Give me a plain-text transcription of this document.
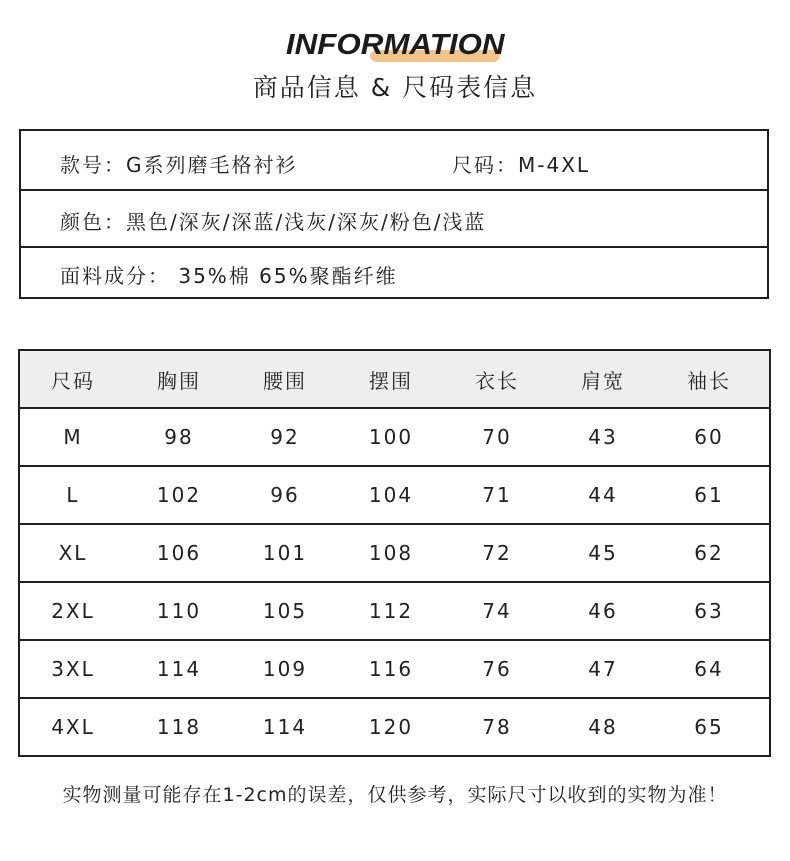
INFORMATION
商品信息 & 尺码表信息
款号：G系列磨毛格衬衫	尺码：M-4XL
颜色：黑色/深灰/深蓝/浅灰/深灰/粉色/浅蓝
面料成分： 35%棉 65%聚酯纤维
尺码	胸围	腰围	摆围	衣长	肩宽	袖长
M	98	92	100	70	43	60
L	102	96	104	71	44	61
XL	106	101	108	72	45	62
2XL	110	105	112	74	46	63
3XL	114	109	116	76	47	64
4XL	118	114	120	78	48	65
实物测量可能存在1-2cm的误差，仅供参考，实际尺寸以收到的实物为准！
